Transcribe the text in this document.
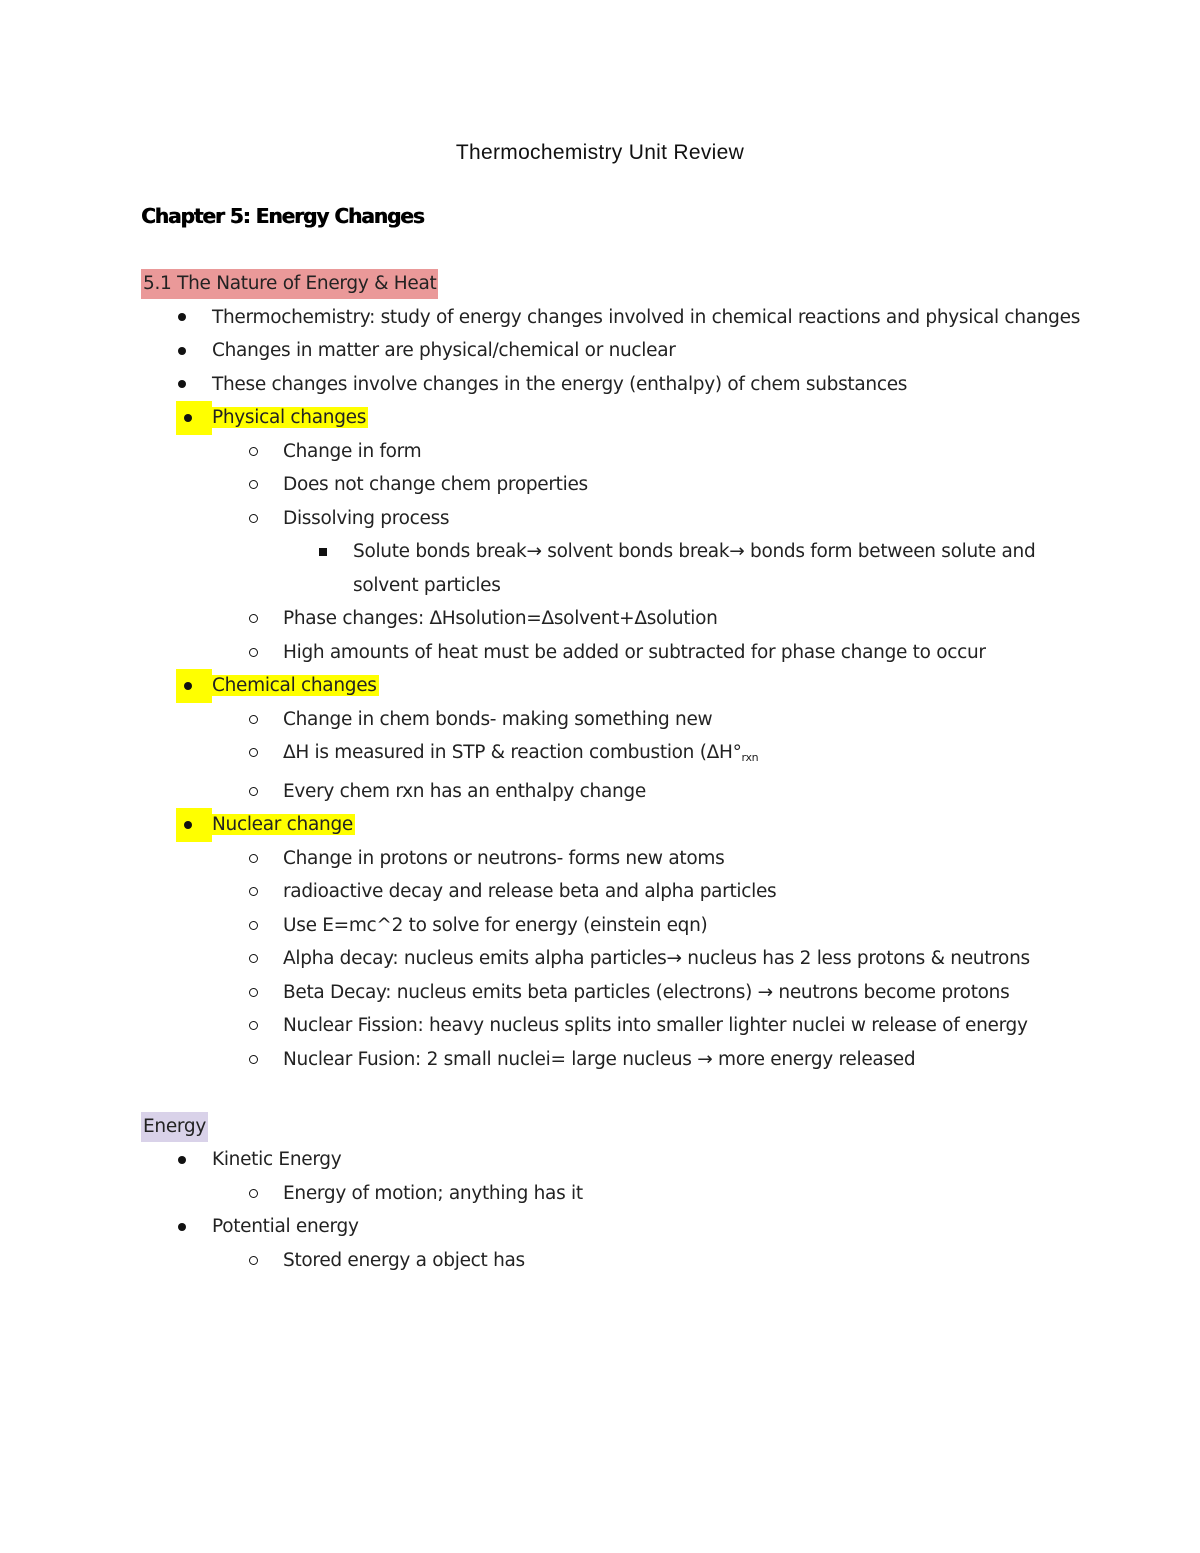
Thermochemistry Unit Review
Chapter 5: Energy Changes
5.1 The Nature of Energy & Heat
Thermochemistry: study of energy changes involved in chemical reactions and physical changes
Changes in matter are physical/chemical or nuclear
These changes involve changes in the energy (enthalpy) of chem substances
Physical changes
Change in form
Does not change chem properties
Dissolving process
Solute bonds break→ solvent bonds break→ bonds form between solute and solvent particles
Phase changes: ΔHsolution=Δsolvent+Δsolution
High amounts of heat must be added or subtracted for phase change to occur
Chemical changes
Change in chem bonds- making something new
ΔH is measured in STP & reaction combustion ($\Delta H^\circ_{rxn}$
Every chem rxn has an enthalpy change
Nuclear change
Change in protons or neutrons- forms new atoms
radioactive decay and release beta and alpha particles
Use E=mc^2 to solve for energy (einstein eqn)
Alpha decay: nucleus emits alpha particles→ nucleus has 2 less protons & neutrons
Beta Decay: nucleus emits beta particles (electrons) → neutrons become protons
Nuclear Fission: heavy nucleus splits into smaller lighter nuclei w release of energy
Nuclear Fusion: 2 small nuclei= large nucleus → more energy released
Energy
Kinetic Energy
Energy of motion; anything has it
Potential energy
Stored energy a object has
